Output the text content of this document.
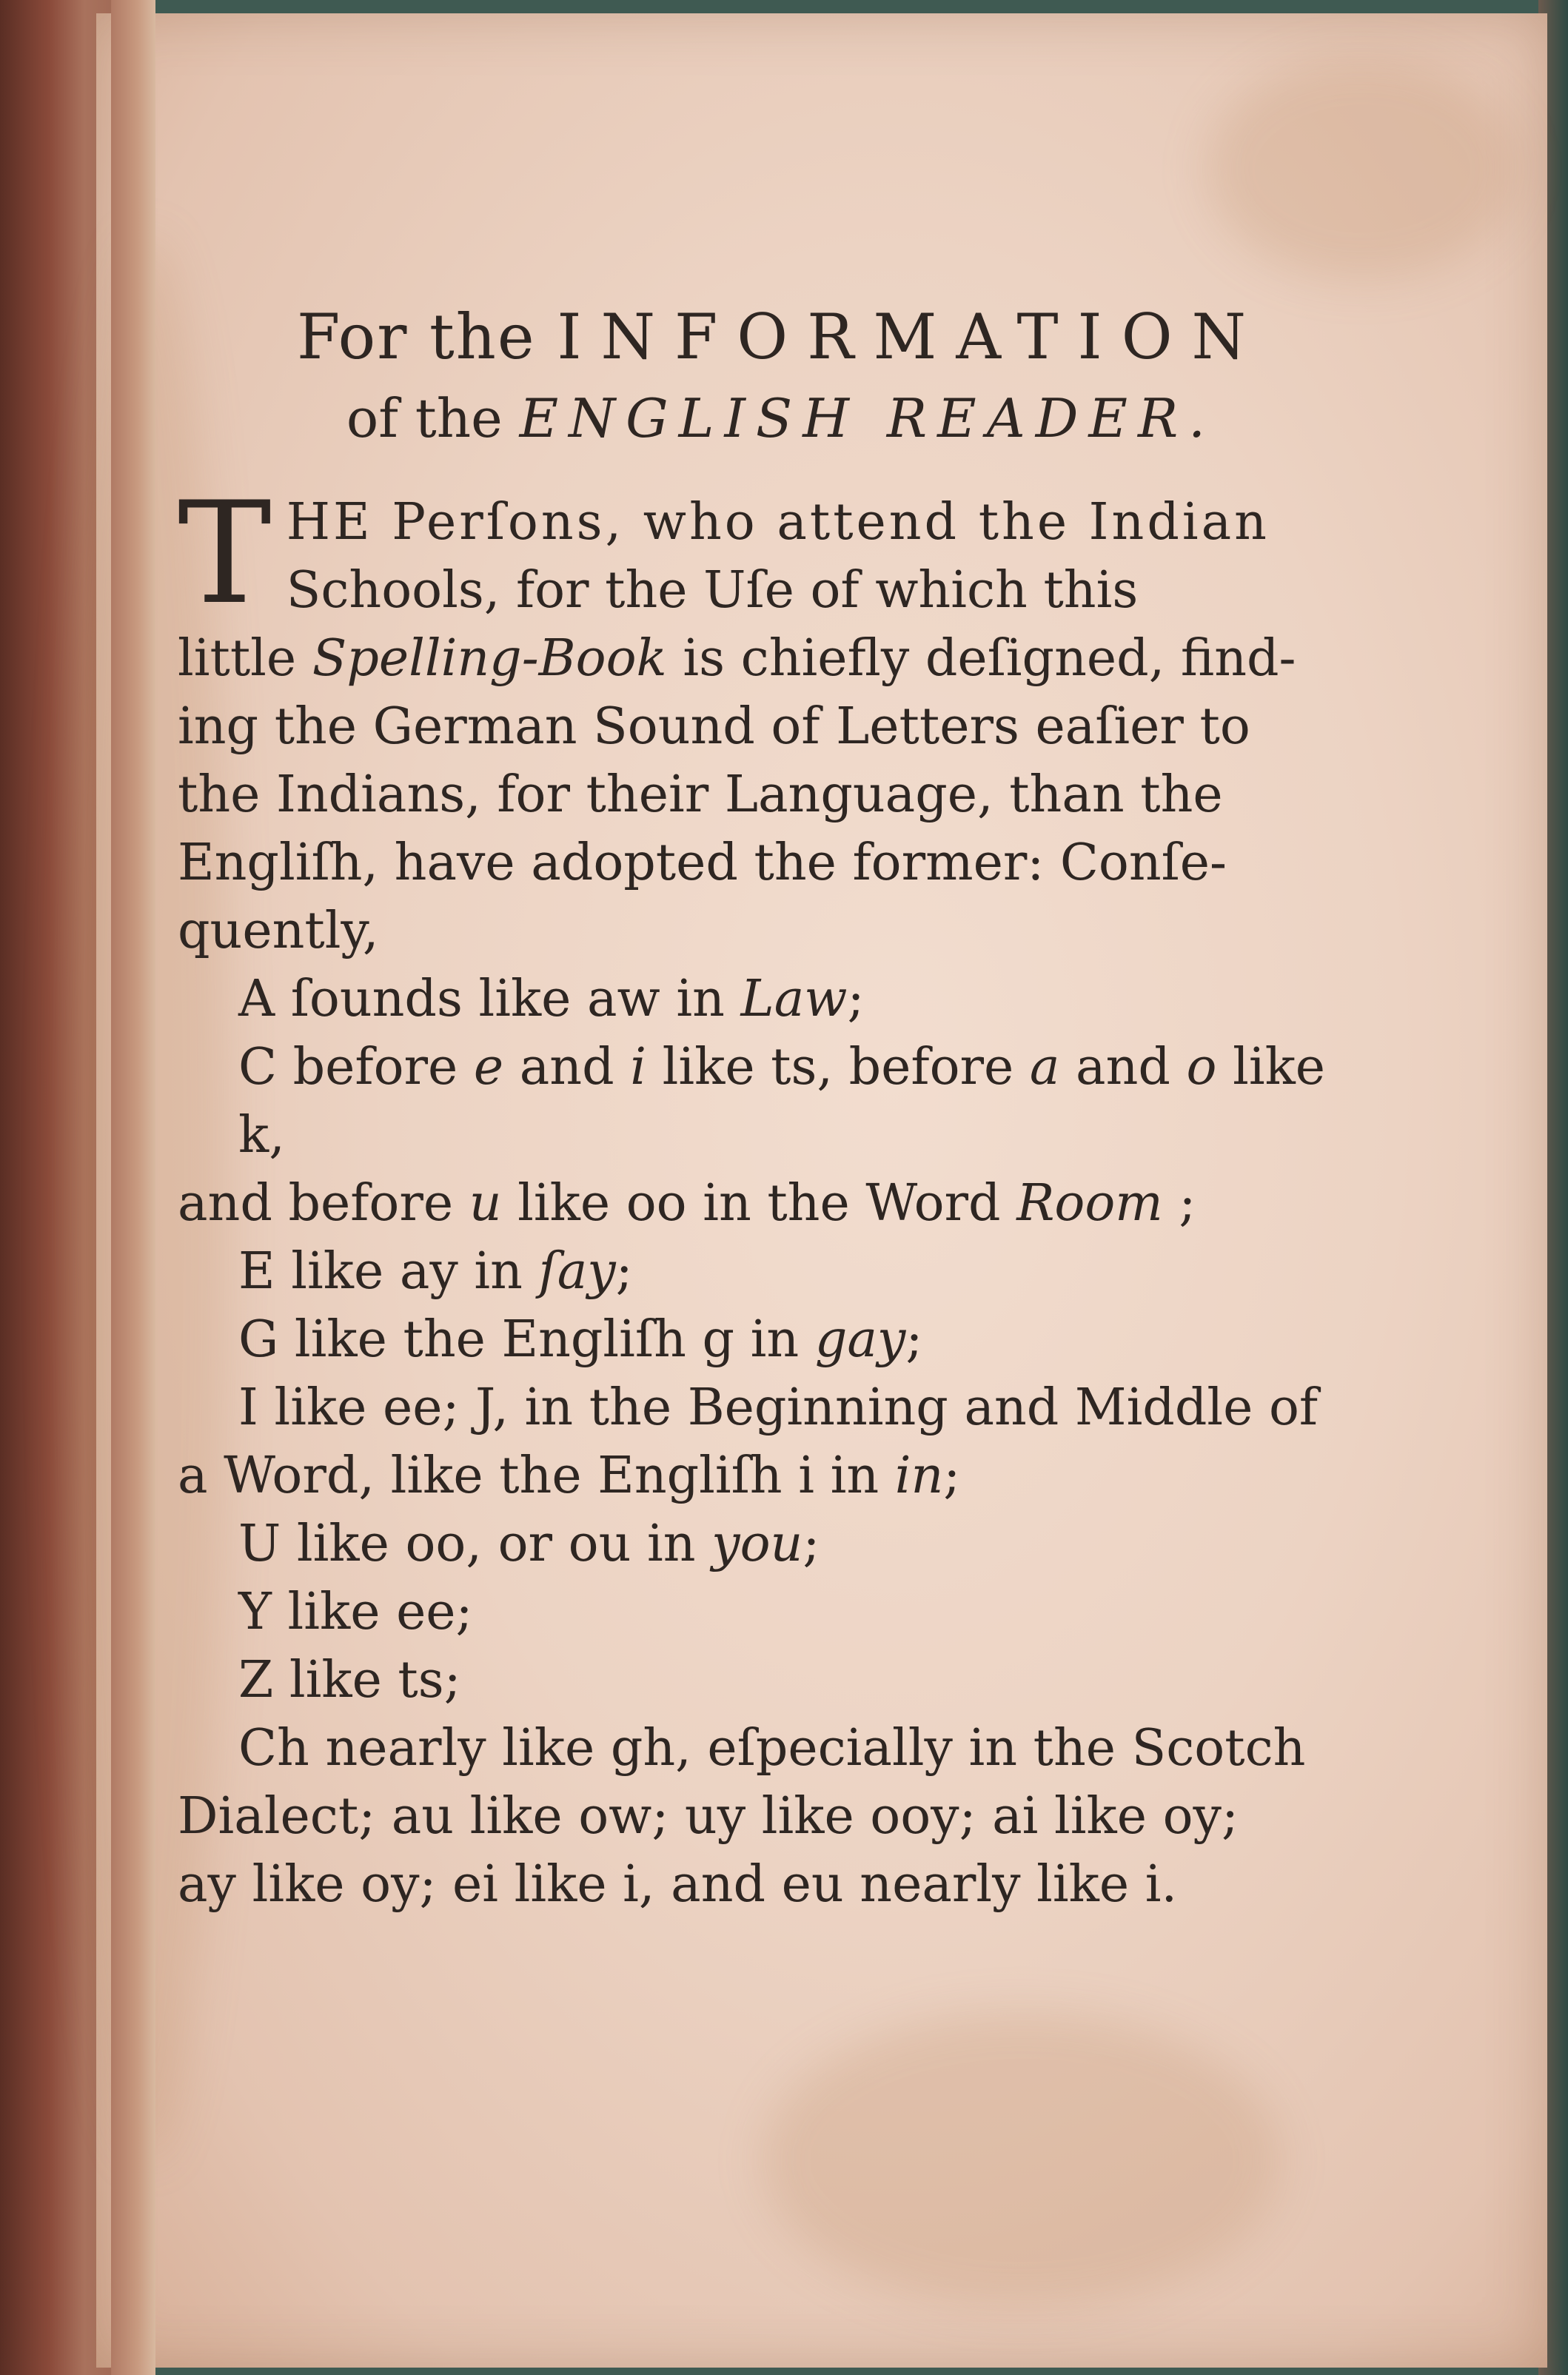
For the INFORMATION

of the ENGLISH READER.

T HE Perſons, who attend the Indian

Schools, for the Uſe of which this

little Spelling-Book is chiefly deſigned, find-

ing the German Sound of Letters eaſier to

the Indians, for their Language, than the

Engliſh, have adopted the former: Conſe-

quently,

A ſounds like aw in Law;

C before e and i like ts, before a and o like k,

and before u like oo in the Word Room ;

E like ay in ſay;

G like the Engliſh g in gay;

I like ee; J, in the Beginning and Middle of

a Word, like the Engliſh i in in;

U like oo, or ou in you;

Y like ee;

Z like ts;

Ch nearly like gh, eſpecially in the Scotch

Dialect; au like ow; uy like ooy; ai like oy;

ay like oy; ei like i, and eu nearly like i.
